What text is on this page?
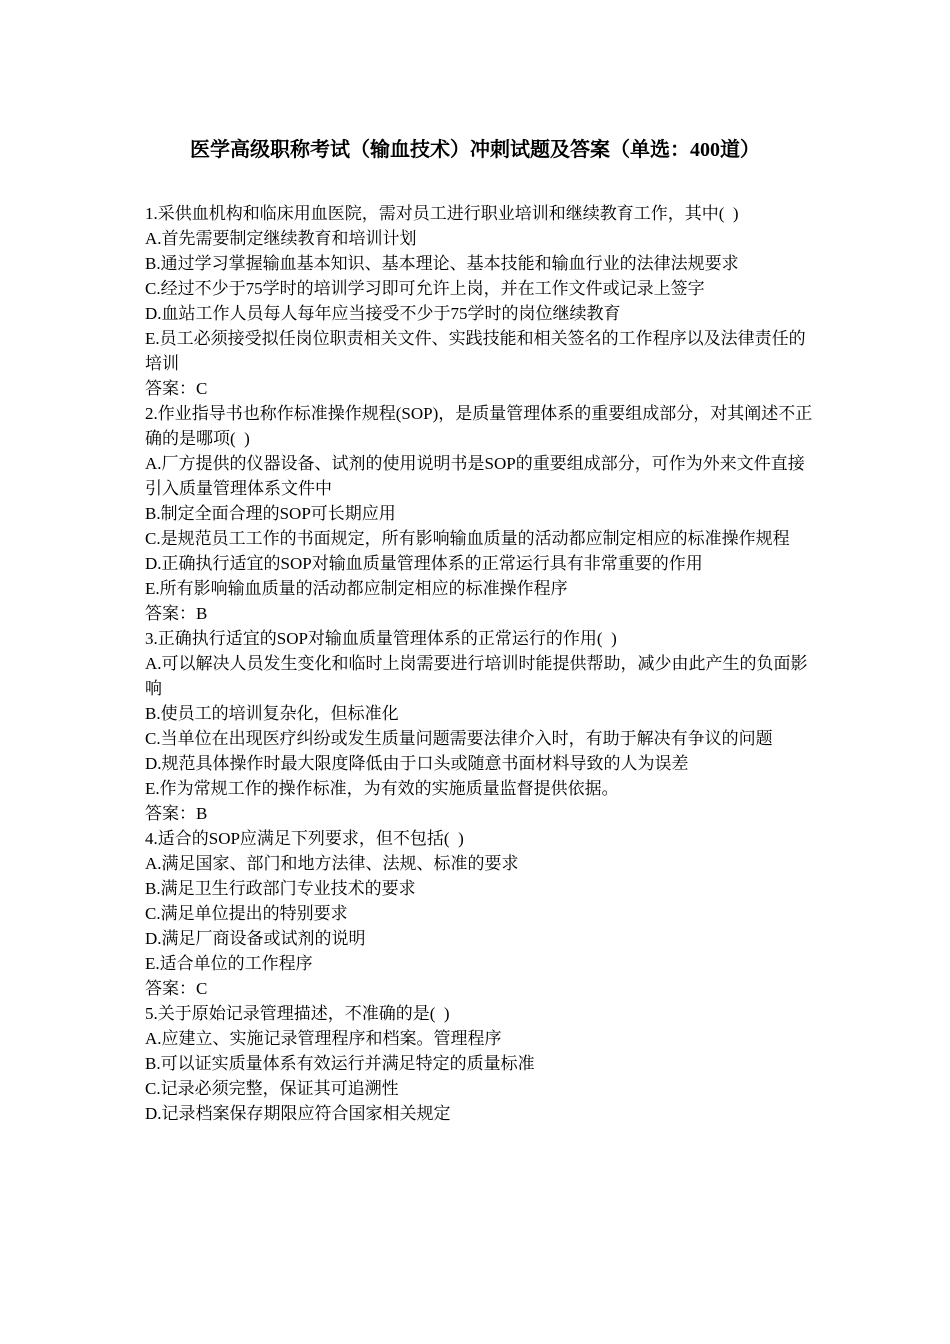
医学高级职称考试（输血技术）冲刺试题及答案（单选：400道）
1.采供血机构和临床用血医院，需对员工进行职业培训和继续教育工作，其中(  )
A.首先需要制定继续教育和培训计划
B.通过学习掌握输血基本知识、基本理论、基本技能和输血行业的法律法规要求
C.经过不少于75学时的培训学习即可允许上岗，并在工作文件或记录上签字
D.血站工作人员每人每年应当接受不少于75学时的岗位继续教育
E.员工必须接受拟任岗位职责相关文件、实践技能和相关签名的工作程序以及法律责任的培训
答案：C
2.作业指导书也称作标准操作规程(SOP)，是质量管理体系的重要组成部分，对其阐述不正确的是哪项(  )
A.厂方提供的仪器设备、试剂的使用说明书是SOP的重要组成部分，可作为外来文件直接引入质量管理体系文件中
B.制定全面合理的SOP可长期应用
C.是规范员工工作的书面规定，所有影响输血质量的活动都应制定相应的标准操作规程
D.正确执行适宜的SOP对输血质量管理体系的正常运行具有非常重要的作用
E.所有影响输血质量的活动都应制定相应的标准操作程序
答案：B
3.正确执行适宜的SOP对输血质量管理体系的正常运行的作用(  )
A.可以解决人员发生变化和临时上岗需要进行培训时能提供帮助，减少由此产生的负面影响
B.使员工的培训复杂化，但标准化
C.当单位在出现医疗纠纷或发生质量问题需要法律介入时，有助于解决有争议的问题
D.规范具体操作时最大限度降低由于口头或随意书面材料导致的人为误差
E.作为常规工作的操作标准，为有效的实施质量监督提供依据。
答案：B
4.适合的SOP应满足下列要求，但不包括(  )
A.满足国家、部门和地方法律、法规、标准的要求
B.满足卫生行政部门专业技术的要求
C.满足单位提出的特别要求
D.满足厂商设备或试剂的说明
E.适合单位的工作程序
答案：C
5.关于原始记录管理描述，不准确的是(  )
A.应建立、实施记录管理程序和档案。管理程序
B.可以证实质量体系有效运行并满足特定的质量标准
C.记录必须完整，保证其可追溯性
D.记录档案保存期限应符合国家相关规定
